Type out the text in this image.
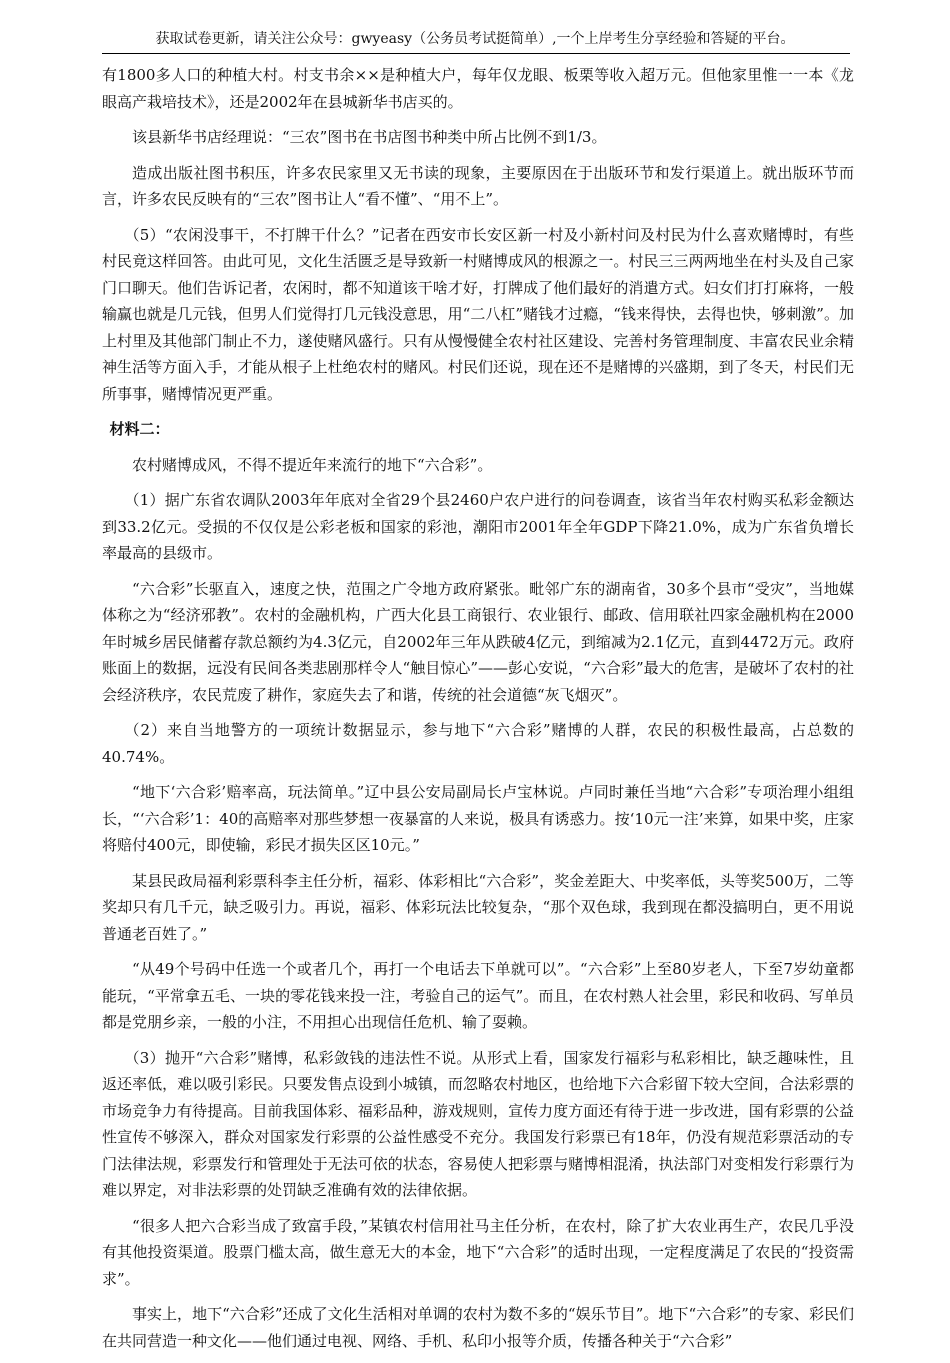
获取试卷更新，请关注公众号：gwyeasy（公务员考试挺简单）,一个上岸考生分享经验和答疑的平台。

有1800多人口的种植大村。村支书余××是种植大户，每年仅龙眼、板栗等收入超万元。但他家里惟一一本《龙眼高产栽培技术》，还是2002年在县城新华书店买的。

该县新华书店经理说：“三农”图书在书店图书种类中所占比例不到1/3。

造成出版社图书积压，许多农民家里又无书读的现象，主要原因在于出版环节和发行渠道上。就出版环节而言，许多农民反映有的“三农”图书让人“看不懂”、“用不上”。

（5）“农闲没事干，不打牌干什么？”记者在西安市长安区新一村及小新村问及村民为什么喜欢赌博时，有些村民竟这样回答。由此可见，文化生活匮乏是导致新一村赌博成风的根源之一。村民三三两两地坐在村头及自己家门口聊天。他们告诉记者，农闲时，都不知道该干啥才好，打牌成了他们最好的消遣方式。妇女们打打麻将，一般输赢也就是几元钱，但男人们觉得打几元钱没意思，用“二八杠”赌钱才过瘾，“钱来得快，去得也快，够刺激”。加上村里及其他部门制止不力，遂使赌风盛行。只有从慢慢健全农村社区建设、完善村务管理制度、丰富农民业余精神生活等方面入手，才能从根子上杜绝农村的赌风。村民们还说，现在还不是赌博的兴盛期，到了冬天，村民们无所事事，赌博情况更严重。

材料二：

农村赌博成风，不得不提近年来流行的地下“六合彩”。

（1）据广东省农调队2003年年底对全省29个县2460户农户进行的问卷调查，该省当年农村购买私彩金额达到33.2亿元。受损的不仅仅是公彩老板和国家的彩池，潮阳市2001年全年GDP下降21.0%，成为广东省负增长率最高的县级市。

“六合彩”长驱直入，速度之快，范围之广令地方政府紧张。毗邻广东的湖南省，30多个县市“受灾”，当地媒体称之为“经济邪教”。农村的金融机构，广西大化县工商银行、农业银行、邮政、信用联社四家金融机构在2000年时城乡居民储蓄存款总额约为4.3亿元，自2002年三年从跌破4亿元，到缩减为2.1亿元，直到4472万元。政府账面上的数据，远没有民间各类悲剧那样令人“触目惊心”——彭心安说，“六合彩”最大的危害，是破坏了农村的社会经济秩序，农民荒废了耕作，家庭失去了和谐，传统的社会道德“灰飞烟灭”。

（2）来自当地警方的一项统计数据显示，参与地下“六合彩”赌博的人群，农民的积极性最高，占总数的40.74%。

“地下‘六合彩’赔率高，玩法简单。”辽中县公安局副局长卢宝林说。卢同时兼任当地“六合彩”专项治理小组组长，“‘六合彩’1：40的高赔率对那些梦想一夜暴富的人来说，极具有诱惑力。按‘10元一注’来算，如果中奖，庄家将赔付400元，即使输，彩民才损失区区10元。”

某县民政局福利彩票科李主任分析，福彩、体彩相比“六合彩”，奖金差距大、中奖率低，头等奖500万，二等奖却只有几千元，缺乏吸引力。再说，福彩、体彩玩法比较复杂，“那个双色球，我到现在都没搞明白，更不用说普通老百姓了。”

“从49个号码中任选一个或者几个，再打一个电话去下单就可以”。“六合彩”上至80岁老人，下至7岁幼童都能玩，“平常拿五毛、一块的零花钱来投一注，考验自己的运气”。而且，在农村熟人社会里，彩民和收码、写单员都是党朋乡亲，一般的小注，不用担心出现信任危机、输了耍赖。

（3）抛开“六合彩”赌博，私彩敛钱的违法性不说。从形式上看，国家发行福彩与私彩相比，缺乏趣味性，且返还率低，难以吸引彩民。只要发售点设到小城镇，而忽略农村地区，也给地下六合彩留下较大空间，合法彩票的市场竞争力有待提高。目前我国体彩、福彩品种，游戏规则，宣传力度方面还有待于进一步改进，国有彩票的公益性宣传不够深入，群众对国家发行彩票的公益性感受不充分。我国发行彩票已有18年，仍没有规范彩票活动的专门法律法规，彩票发行和管理处于无法可依的状态，容易使人把彩票与赌博相混淆，执法部门对变相发行彩票行为难以界定，对非法彩票的处罚缺乏准确有效的法律依据。

“很多人把六合彩当成了致富手段，”某镇农村信用社马主任分析，在农村，除了扩大农业再生产，农民几乎没有其他投资渠道。股票门槛太高，做生意无大的本金，地下“六合彩”的适时出现，一定程度满足了农民的“投资需求”。

事实上，地下“六合彩”还成了文化生活相对单调的农村为数不多的“娱乐节目”。地下“六合彩”的专家、彩民们在共同营造一种文化——他们通过电视、网络、手机、私印小报等介质，传播各种关于“六合彩”
